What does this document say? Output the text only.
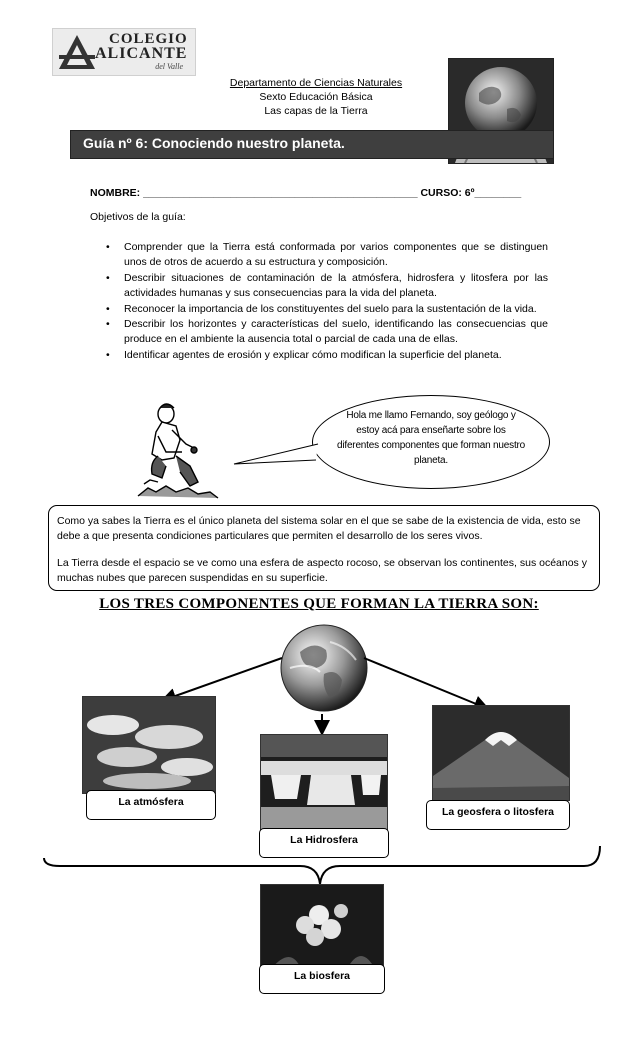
COLEGIO
ALICANTE
del Valle
Departamento de Ciencias Naturales
Sexto Educación Básica
Las capas de la Tierra
Guía nº 6: Conociendo nuestro planeta.
NOMBRE: _______________________________________________ CURSO: 6º________
Objetivos de la guía:
• Comprender que la Tierra está conformada por varios componentes que se distinguen unos de otros de acuerdo a su estructura y composición.
• Describir situaciones de contaminación de la atmósfera, hidrosfera y litosfera por las actividades humanas y sus consecuencias para la vida del planeta.
• Reconocer la importancia de los constituyentes del suelo para la sustentación de la vida.
• Describir los horizontes y características del suelo, identificando las consecuencias que produce en el ambiente la ausencia total o parcial de cada una de ellas.
• Identificar agentes de erosión y explicar cómo modifican la superficie del planeta.
Hola me llamo Fernando, soy geólogo y estoy acá para enseñarte sobre los diferentes componentes que forman nuestro planeta.

Como ya sabes la Tierra es el único planeta del sistema solar en el que se sabe de la existencia de vida, esto se debe a que presenta condiciones particulares que permiten el desarrollo de los seres vivos.

La Tierra desde el espacio se ve como una esfera de aspecto rocoso, se observan los continentes, sus océanos y muchas nubes que parecen suspendidas en su superficie.

LOS TRES COMPONENTES QUE FORMAN LA TIERRA SON:
La atmósfera
La Hidrosfera
La geosfera o litosfera
La biosfera
